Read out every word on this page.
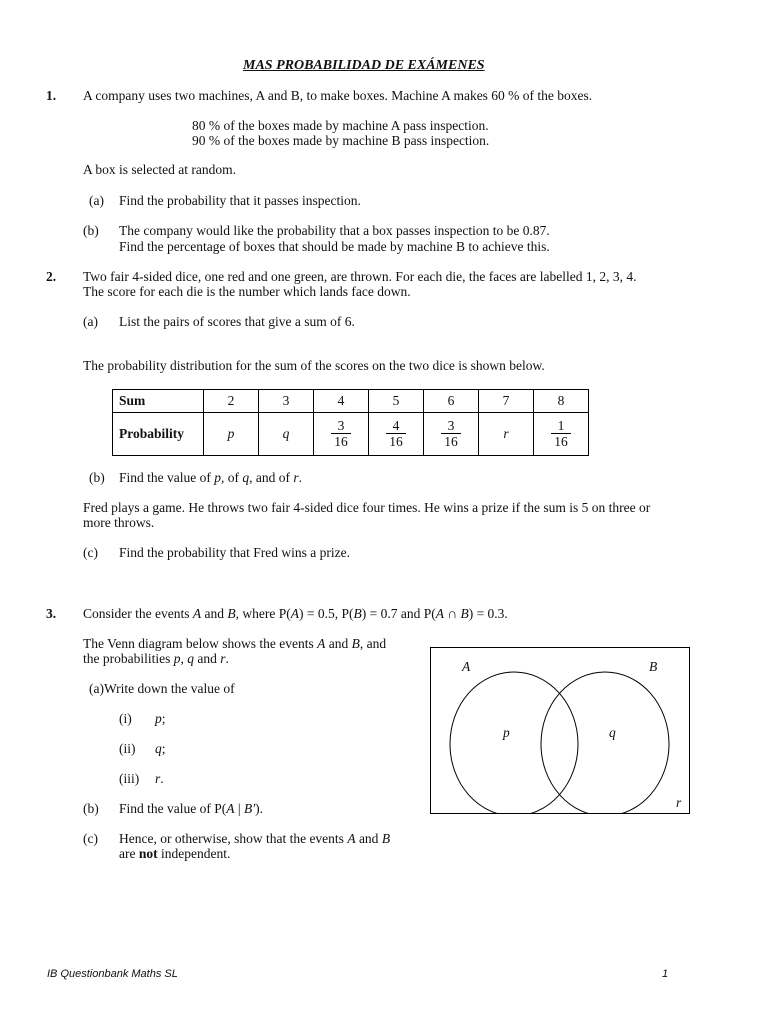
MAS PROBABILIDAD DE EXÁMENES
1. A company uses two machines, A and B, to make boxes. Machine A makes 60 % of the boxes.
80 % of the boxes made by machine A pass inspection.
90 % of the boxes made by machine B pass inspection.
A box is selected at random.
(a) Find the probability that it passes inspection.
(b) The company would like the probability that a box passes inspection to be 0.87.
Find the percentage of boxes that should be made by machine B to achieve this.
2. Two fair 4-sided dice, one red and one green, are thrown. For each die, the faces are labelled 1, 2, 3, 4.
The score for each die is the number which lands face down.
(a) List the pairs of scores that give a sum of 6.
The probability distribution for the sum of the scores on the two dice is shown below.
Sum	2	3	4	5	6	7	8
Probability	p	q	$\frac{3}{16}$	$\frac{4}{16}$	$\frac{3}{16}$	r	$\frac{1}{16}$
(b) Find the value of p, of q, and of r.
Fred plays a game. He throws two fair 4-sided dice four times. He wins a prize if the sum is 5 on three or
more throws.
(c) Find the probability that Fred wins a prize.
3. Consider the events A and B, where P(A) = 0.5, P(B) = 0.7 and P(A ∩ B) = 0.3.
The Venn diagram below shows the events A and B, and
the probabilities p, q and r.
(a)Write down the value of
(i) p;
(ii) q;
(iii) r.
(b) Find the value of P(A | B′).
(c) Hence, or otherwise, show that the events A and B
are not independent.
A	B
p	q
r
IB Questionbank Maths SL	1
